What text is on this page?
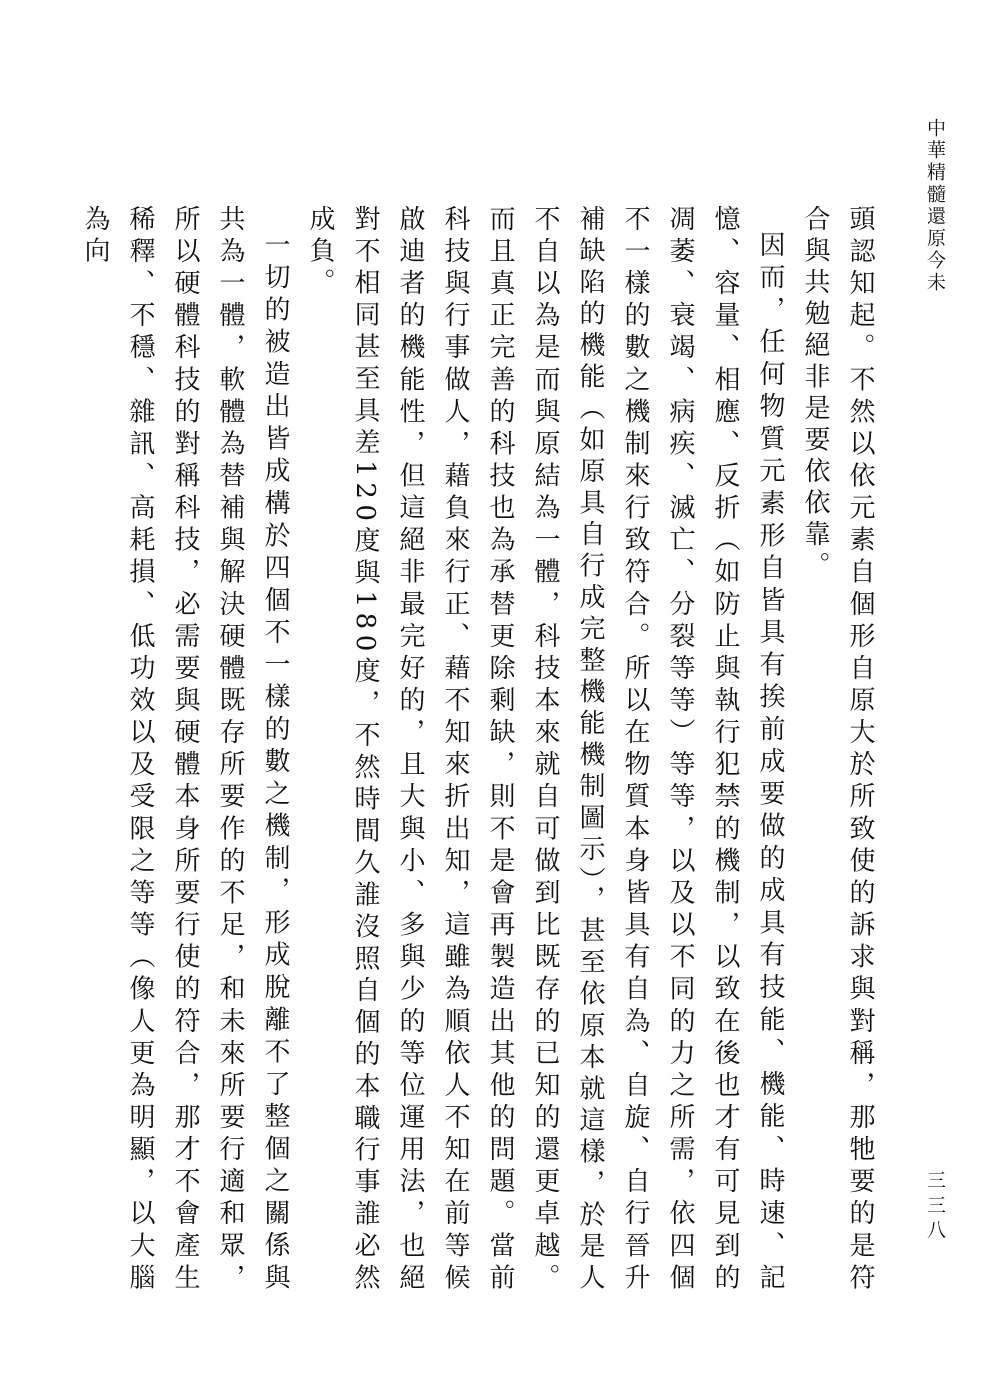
中華精髓還原今未
三三八

頭認知起。不然以依元素自個形自原大於所致使的訴求與對稱，那牠要的是符合與共勉絕非是要依依靠。

因而，任何物質元素形自皆具有挨前成要做的成具有技能、機能、時速、記憶、容量、相應、反折（如防止與執行犯禁的機制，以致在後也才有可見到的凋萎、衰竭、病疾、滅亡、分裂等等）等等，以及以不同的力之所需，依四個不一樣的數之機制來行致符合。所以在物質本身皆具有自為、自旋、自行晉升補缺陷的機能（如原具自行成完整機能機制圖示），甚至依原本就這樣，於是人不自以為是而與原結為一體，科技本來就自可做到比既存的已知的還更卓越。而且真正完善的科技也為承替更除剩缺，則不是會再製造出其他的問題。當前科技與行事做人，藉負來行正、藉不知來折出知，這雖為順依人不知在前等候啟迪者的機能性，但這絕非最完好的，且大與小、多與少的等位運用法，也絕對不相同甚至具差120度與180度，不然時間久誰沒照自個的本職行事誰必然成負。

一切的被造出皆成構於四個不一樣的數之機制，形成脫離不了整個之關係與共為一體，軟體為替補與解決硬體既存所要作的不足，和未來所要行適和眾，所以硬體科技的對稱科技，必需要與硬體本身所要行使的符合，那才不會產生稀釋、不穩、雜訊、高耗損、低功效以及受限之等等（像人更為明顯，以大腦為向
